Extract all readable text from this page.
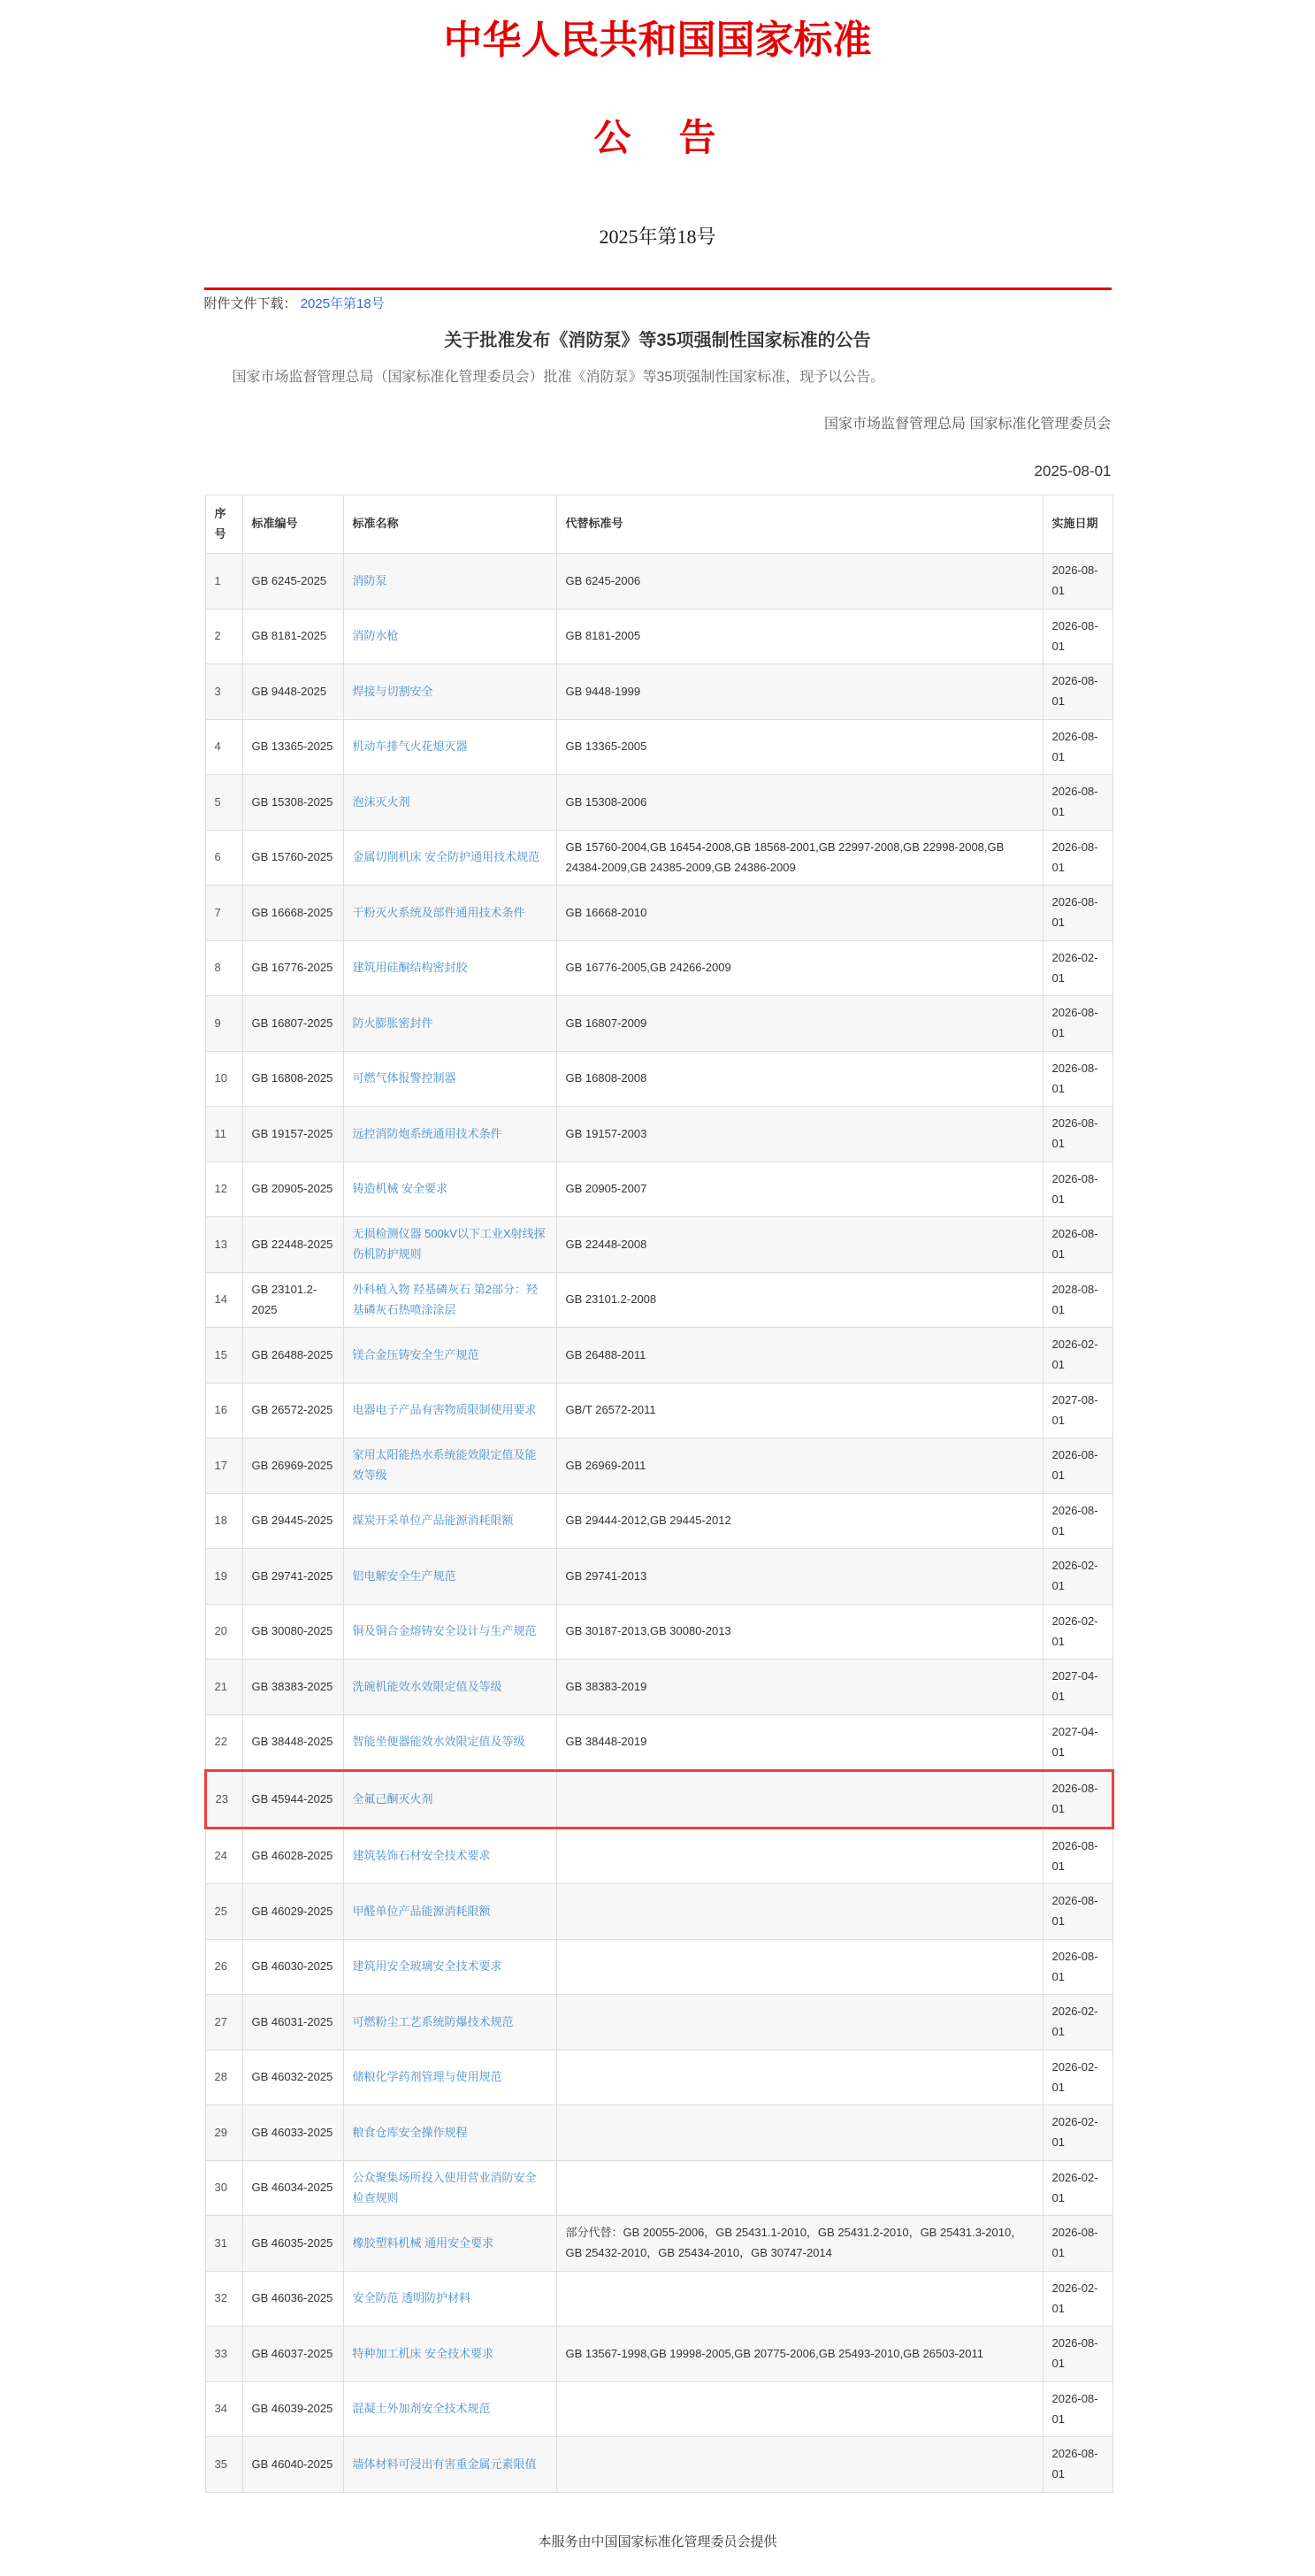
中华人民共和国国家标准
公　告
2025年第18号
附件文件下载： 2025年第18号
关于批准发布《消防泵》等35项强制性国家标准的公告

国家市场监督管理总局（国家标准化管理委员会）批准《消防泵》等35项强制性国家标准，现予以公告。

国家市场监督管理总局 国家标准化管理委员会
2025-08-01
序号	标准编号	标准名称	代替标准号	实施日期
1	GB 6245-2025	消防泵	GB 6245-2006	2026-08-01
2	GB 8181-2025	消防水枪	GB 8181-2005	2026-08-01
3	GB 9448-2025	焊接与切割安全	GB 9448-1999	2026-08-01
4	GB 13365-2025	机动车排气火花熄灭器	GB 13365-2005	2026-08-01
5	GB 15308-2025	泡沫灭火剂	GB 15308-2006	2026-08-01
6	GB 15760-2025	金属切削机床 安全防护通用技术规范	GB 15760-2004,GB 16454-2008,GB 18568-2001,GB 22997-2008,GB 22998-2008,GB 24384-2009,GB 24385-2009,GB 24386-2009	2026-08-01
7	GB 16668-2025	干粉灭火系统及部件通用技术条件	GB 16668-2010	2026-08-01
8	GB 16776-2025	建筑用硅酮结构密封胶	GB 16776-2005,GB 24266-2009	2026-02-01
9	GB 16807-2025	防火膨胀密封件	GB 16807-2009	2026-08-01
10	GB 16808-2025	可燃气体报警控制器	GB 16808-2008	2026-08-01
11	GB 19157-2025	远控消防炮系统通用技术条件	GB 19157-2003	2026-08-01
12	GB 20905-2025	铸造机械 安全要求	GB 20905-2007	2026-08-01
13	GB 22448-2025	无损检测仪器 500kV以下工业X射线探伤机防护规则	GB 22448-2008	2026-08-01
14	GB 23101.2-2025	外科植入物 羟基磷灰石 第2部分：羟基磷灰石热喷涂涂层	GB 23101.2-2008	2028-08-01
15	GB 26488-2025	镁合金压铸安全生产规范	GB 26488-2011	2026-02-01
16	GB 26572-2025	电器电子产品有害物质限制使用要求	GB/T 26572-2011	2027-08-01
17	GB 26969-2025	家用太阳能热水系统能效限定值及能效等级	GB 26969-2011	2026-08-01
18	GB 29445-2025	煤炭开采单位产品能源消耗限额	GB 29444-2012,GB 29445-2012	2026-08-01
19	GB 29741-2025	铝电解安全生产规范	GB 29741-2013	2026-02-01
20	GB 30080-2025	铜及铜合金熔铸安全设计与生产规范	GB 30187-2013,GB 30080-2013	2026-02-01
21	GB 38383-2025	洗碗机能效水效限定值及等级	GB 38383-2019	2027-04-01
22	GB 38448-2025	智能坐便器能效水效限定值及等级	GB 38448-2019	2027-04-01
23	GB 45944-2025	全氟己酮灭火剂		2026-08-01
24	GB 46028-2025	建筑装饰石材安全技术要求		2026-08-01
25	GB 46029-2025	甲醛单位产品能源消耗限额		2026-08-01
26	GB 46030-2025	建筑用安全玻璃安全技术要求		2026-08-01
27	GB 46031-2025	可燃粉尘工艺系统防爆技术规范		2026-02-01
28	GB 46032-2025	储粮化学药剂管理与使用规范		2026-02-01
29	GB 46033-2025	粮食仓库安全操作规程		2026-02-01
30	GB 46034-2025	公众聚集场所投入使用营业消防安全检查规则		2026-02-01
31	GB 46035-2025	橡胶塑料机械 通用安全要求	部分代替：GB 20055-2006，GB 25431.1-2010，GB 25431.2-2010，GB 25431.3-2010，GB 25432-2010，GB 25434-2010，GB 30747-2014	2026-08-01
32	GB 46036-2025	安全防范 透明防护材料		2026-02-01
33	GB 46037-2025	特种加工机床 安全技术要求	GB 13567-1998,GB 19998-2005,GB 20775-2006,GB 25493-2010,GB 26503-2011	2026-08-01
34	GB 46039-2025	混凝土外加剂安全技术规范		2026-08-01
35	GB 46040-2025	墙体材料可浸出有害重金属元素限值		2026-08-01
本服务由中国国家标准化管理委员会提供
